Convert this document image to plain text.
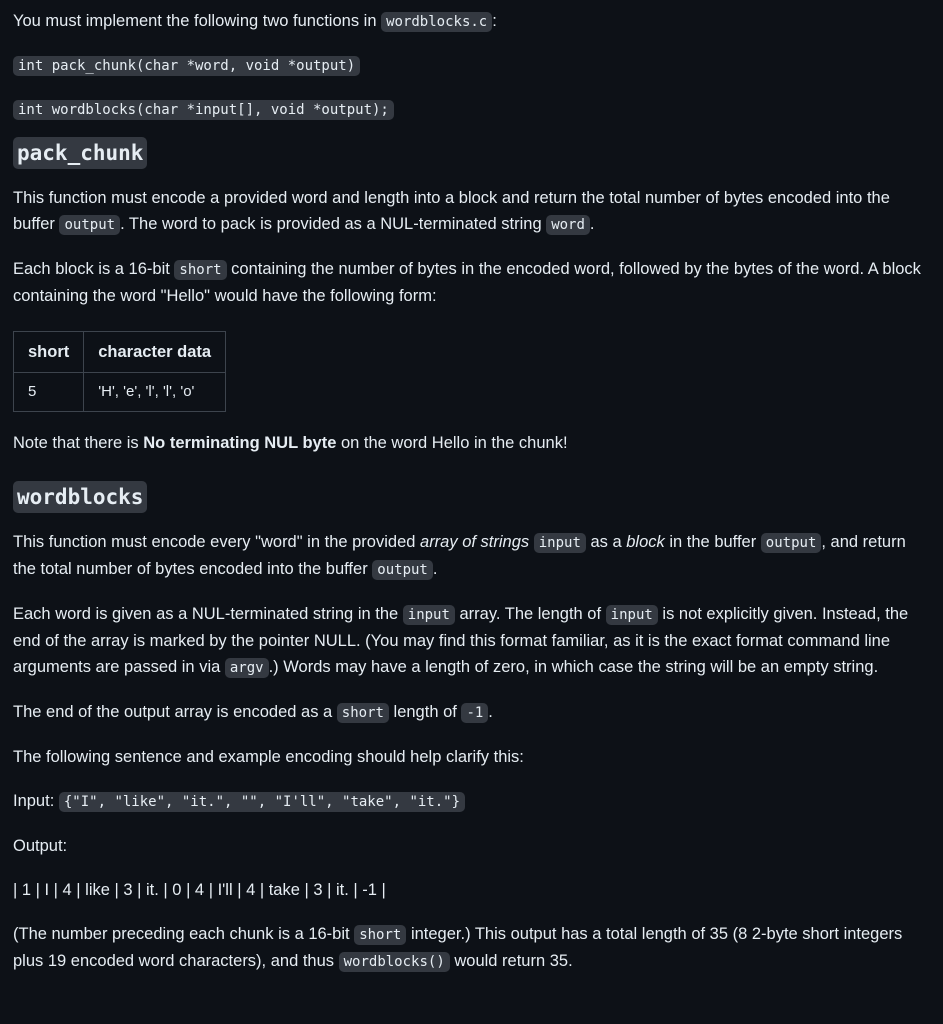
You must implement the following two functions in wordblocks.c :

int pack_chunk(char *word, void *output)

int wordblocks(char *input[], void *output);

pack_chunk

This function must encode a provided word and length into a block and return the total number of bytes encoded into the buffer output . The word to pack is provided as a NUL-terminated string word .

Each block is a 16-bit short containing the number of bytes in the encoded word, followed by the bytes of the word. A block containing the word "Hello" would have the following form:

short	character data
5	'H', 'e', 'l', 'l', 'o'

Note that there is No terminating NUL byte on the word Hello in the chunk!

wordblocks

This function must encode every "word" in the provided array of strings input as a block in the buffer output , and return the total number of bytes encoded into the buffer output .

Each word is given as a NUL-terminated string in the input array. The length of input is not explicitly given. Instead, the end of the array is marked by the pointer NULL. (You may find this format familiar, as it is the exact format command line arguments are passed in via argv .) Words may have a length of zero, in which case the string will be an empty string.

The end of the output array is encoded as a short length of -1 .

The following sentence and example encoding should help clarify this:

Input: {"I", "like", "it.", "", "I'll", "take", "it."}

Output:

| 1 | I | 4 | like | 3 | it. | 0 | 4 | I'll | 4 | take | 3 | it. | -1 |

(The number preceding each chunk is a 16-bit short integer.) This output has a total length of 35 (8 2-byte short integers plus 19 encoded word characters), and thus wordblocks() would return 35.
